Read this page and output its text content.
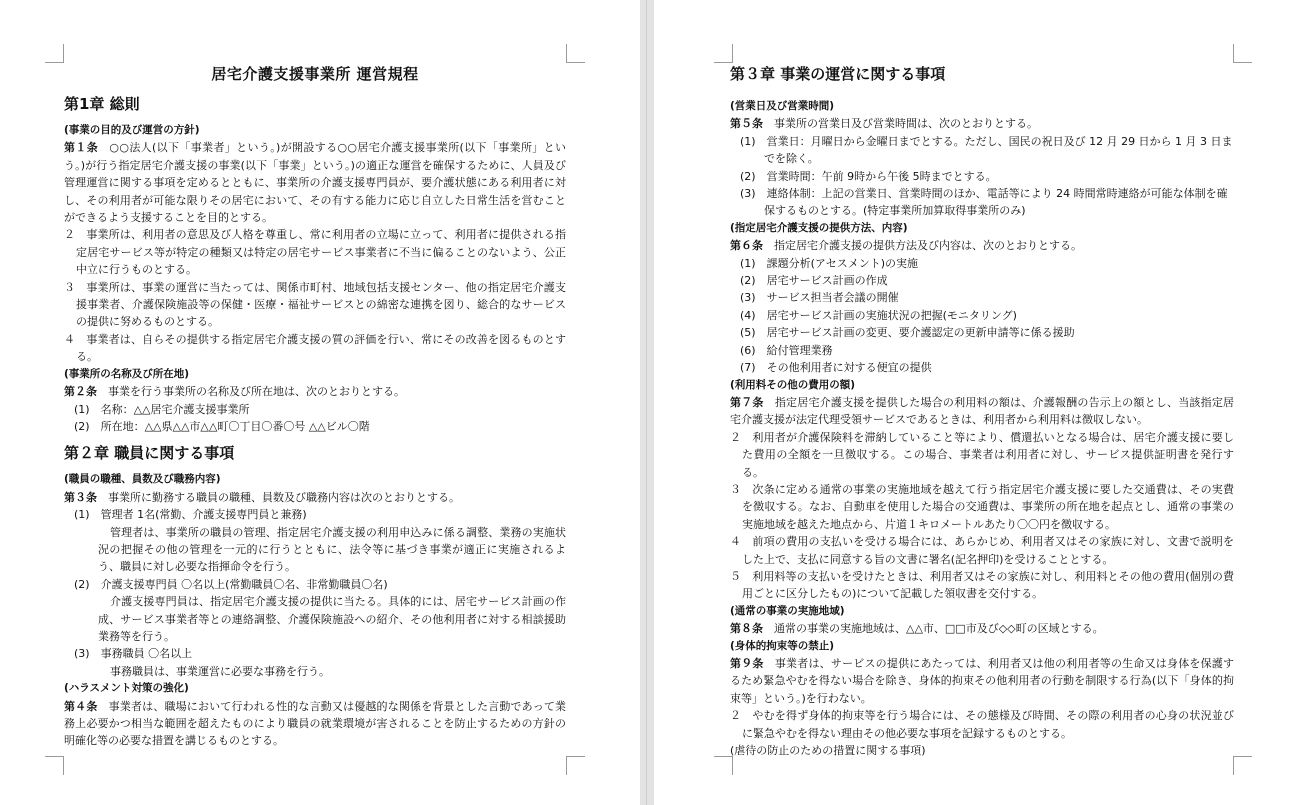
居宅介護支援事業所 運営規程
第1章 総則
(事業の目的及び運営の方針)
第１条　 ○○法人(以下「事業者」という。)が開設する○○居宅介護支援事業所(以下「事業所」という。)が行う指定居宅介護支援の事業(以下「事業」という。)の適正な運営を確保するために、人員及び管理運営に関する事項を定めるとともに、事業所の介護支援専門員が、要介護状態にある利用者に対し、その利用者が可能な限りその居宅において、その有する能力に応じ自立した日常生活を営むことができるよう支援することを目的とする。
２　事業所は、利用者の意思及び人格を尊重し、常に利用者の立場に立って、利用者に提供される指定居宅サービス等が特定の種類又は特定の居宅サービス事業者に不当に偏ることのないよう、公正中立に行うものとする。
３　事業所は、事業の運営に当たっては、関係市町村、地域包括支援センター、他の指定居宅介護支援事業者、介護保険施設等の保健・医療・福祉サービスとの綿密な連携を図り、総合的なサービスの提供に努めるものとする。
４　事業者は、自らその提供する指定居宅介護支援の質の評価を行い、常にその改善を図るものとする。
(事業所の名称及び所在地)
第２条　 事業を行う事業所の名称及び所在地は、次のとおりとする。
(1)　名称：△△居宅介護支援事業所
(2)　所在地：△△県△△市△△町〇丁目〇番〇号 △△ビル〇階
第２章 職員に関する事項
(職員の職種、員数及び職務内容)
第３条　 事業所に勤務する職員の職種、員数及び職務内容は次のとおりとする。
(1)　管理者 1名(常勤、介護支援専門員と兼務)
管理者は、事業所の職員の管理、指定居宅介護支援の利用申込みに係る調整、業務の実施状況の把握その他の管理を一元的に行うとともに、法令等に基づき事業が適正に実施されるよう、職員に対し必要な指揮命令を行う。
(2)　介護支援専門員 〇名以上(常勤職員〇名、非常勤職員〇名)
介護支援専門員は、指定居宅介護支援の提供に当たる。具体的には、居宅サービス計画の作成、サービス事業者等との連絡調整、介護保険施設への紹介、その他利用者に対する相談援助業務等を行う。
(3)　事務職員 〇名以上
事務職員は、事業運営に必要な事務を行う。
(ハラスメント対策の強化)
第４条　 事業者は、職場において行われる性的な言動又は優越的な関係を背景とした言動であって業務上必要かつ相当な範囲を超えたものにより職員の就業環境が害されることを防止するための方針の明確化等の必要な措置を講じるものとする。
第３章 事業の運営に関する事項
(営業日及び営業時間)
第５条　 事業所の営業日及び営業時間は、次のとおりとする。
(1)　営業日：月曜日から金曜日までとする。ただし、国民の祝日及び 12 月 29 日から 1 月 3 日までを除く。
(2)　営業時間：午前 9時から午後 5時までとする。
(3)　連絡体制：上記の営業日、営業時間のほか、電話等により 24 時間常時連絡が可能な体制を確保するものとする。(特定事業所加算取得事業所のみ)
(指定居宅介護支援の提供方法、内容)
第６条　 指定居宅介護支援の提供方法及び内容は、次のとおりとする。
(1)　課題分析(アセスメント)の実施
(2)　居宅サービス計画の作成
(3)　サービス担当者会議の開催
(4)　居宅サービス計画の実施状況の把握(モニタリング)
(5)　居宅サービス計画の変更、要介護認定の更新申請等に係る援助
(6)　給付管理業務
(7)　その他利用者に対する便宜の提供
(利用料その他の費用の額)
第７条　 指定居宅介護支援を提供した場合の利用料の額は、介護報酬の告示上の額とし、当該指定居宅介護支援が法定代理受領サービスであるときは、利用者から利用料は徴収しない。
２　利用者が介護保険料を滞納していること等により、償還払いとなる場合は、居宅介護支援に要した費用の全額を一旦徴収する。この場合、事業者は利用者に対し、サービス提供証明書を発行する。
３　次条に定める通常の事業の実施地域を越えて行う指定居宅介護支援に要した交通費は、その実費を徴収する。なお、自動車を使用した場合の交通費は、事業所の所在地を起点とし、通常の事業の実施地域を越えた地点から、片道１キロメートルあたり〇〇円を徴収する。
４　前項の費用の支払いを受ける場合には、あらかじめ、利用者又はその家族に対し、文書で説明をした上で、支払に同意する旨の文書に署名(記名押印)を受けることとする。
５　利用料等の支払いを受けたときは、利用者又はその家族に対し、利用料とその他の費用(個別の費用ごとに区分したもの)について記載した領収書を交付する。
(通常の事業の実施地域)
第８条　 通常の事業の実施地域は、△△市、□□市及び◇◇町の区域とする。
(身体的拘束等の禁止)
第９条　 事業者は、サービスの提供にあたっては、利用者又は他の利用者等の生命又は身体を保護するため緊急やむを得ない場合を除き、身体的拘束その他利用者の行動を制限する行為(以下「身体的拘束等」という。)を行わない。
２　やむを得ず身体的拘束等を行う場合には、その態様及び時間、その際の利用者の心身の状況並びに緊急やむを得ない理由その他必要な事項を記録するものとする。
(虐待の防止のための措置に関する事項)
